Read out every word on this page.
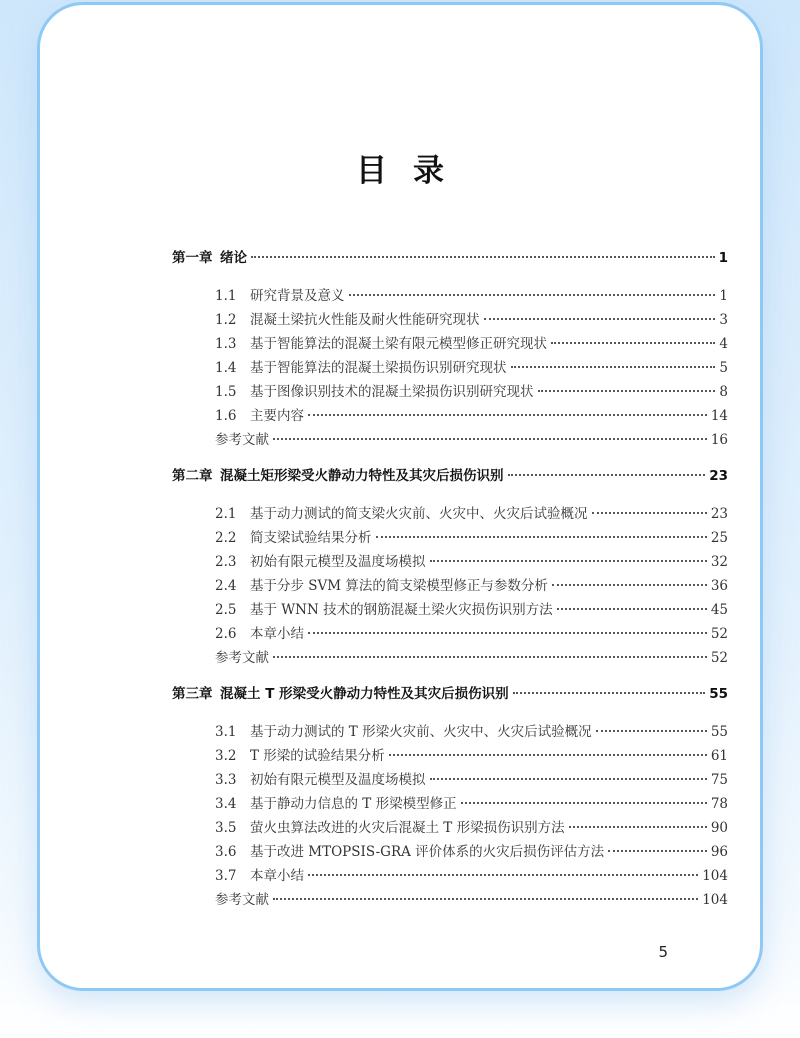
目录
第一章 绪论	1
1.1	研究背景及意义	1
1.2	混凝土梁抗火性能及耐火性能研究现状	3
1.3	基于智能算法的混凝土梁有限元模型修正研究现状	4
1.4	基于智能算法的混凝土梁损伤识别研究现状	5
1.5	基于图像识别技术的混凝土梁损伤识别研究现状	8
1.6	主要内容	14
参考文献	16
第二章 混凝土矩形梁受火静动力特性及其灾后损伤识别	23
2.1	基于动力测试的简支梁火灾前、火灾中、火灾后试验概况	23
2.2	简支梁试验结果分析	25
2.3	初始有限元模型及温度场模拟	32
2.4	基于分步 SVM 算法的简支梁模型修正与参数分析	36
2.5	基于 WNN 技术的钢筋混凝土梁火灾损伤识别方法	45
2.6	本章小结	52
参考文献	52
第三章 混凝土 T 形梁受火静动力特性及其灾后损伤识别	55
3.1	基于动力测试的 T 形梁火灾前、火灾中、火灾后试验概况	55
3.2	T 形梁的试验结果分析	61
3.3	初始有限元模型及温度场模拟	75
3.4	基于静动力信息的 T 形梁模型修正	78
3.5	萤火虫算法改进的火灾后混凝土 T 形梁损伤识别方法	90
3.6	基于改进 MTOPSIS-GRA 评价体系的火灾后损伤评估方法	96
3.7	本章小结	104
参考文献	104
5
